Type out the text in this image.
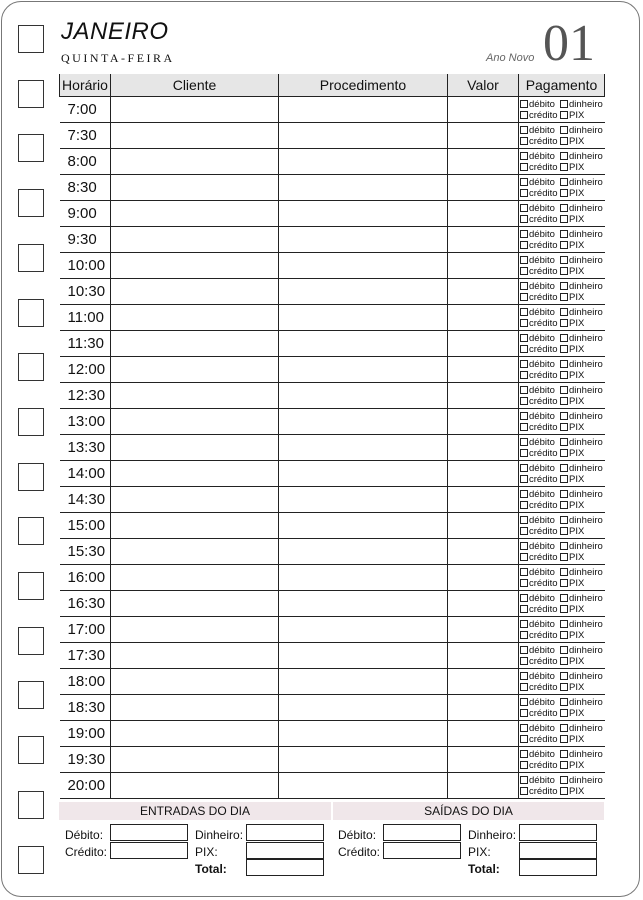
JANEIRO
QUINTA-FEIRA	Ano Novo 01
Horário	Cliente	Procedimento	Valor	Pagamento
7:00				débito dinheiro
crédito PIX

7:30				débito dinheiro
crédito PIX

8:00				débito dinheiro
crédito PIX

8:30				débito dinheiro
crédito PIX

9:00				débito dinheiro
crédito PIX

9:30				débito dinheiro
crédito PIX

10:00				débito dinheiro
crédito PIX

10:30				débito dinheiro
crédito PIX

11:00				débito dinheiro
crédito PIX

11:30				débito dinheiro
crédito PIX

12:00				débito dinheiro
crédito PIX

12:30				débito dinheiro
crédito PIX

13:00				débito dinheiro
crédito PIX

13:30				débito dinheiro
crédito PIX

14:00				débito dinheiro
crédito PIX

14:30				débito dinheiro
crédito PIX

15:00				débito dinheiro
crédito PIX

15:30				débito dinheiro
crédito PIX

16:00				débito dinheiro
crédito PIX

16:30				débito dinheiro
crédito PIX

17:00				débito dinheiro
crédito PIX

17:30				débito dinheiro
crédito PIX

18:00				débito dinheiro
crédito PIX

18:30				débito dinheiro
crédito PIX

19:00				débito dinheiro
crédito PIX

19:30				débito dinheiro
crédito PIX

20:00				débito dinheiro
crédito PIX
ENTRADAS DO DIA	SAÍDAS DO DIA
Débito:
Crédito:
Dinheiro:
PIX:
Total:
Débito:
Crédito:
Dinheiro:
PIX:
Total:
